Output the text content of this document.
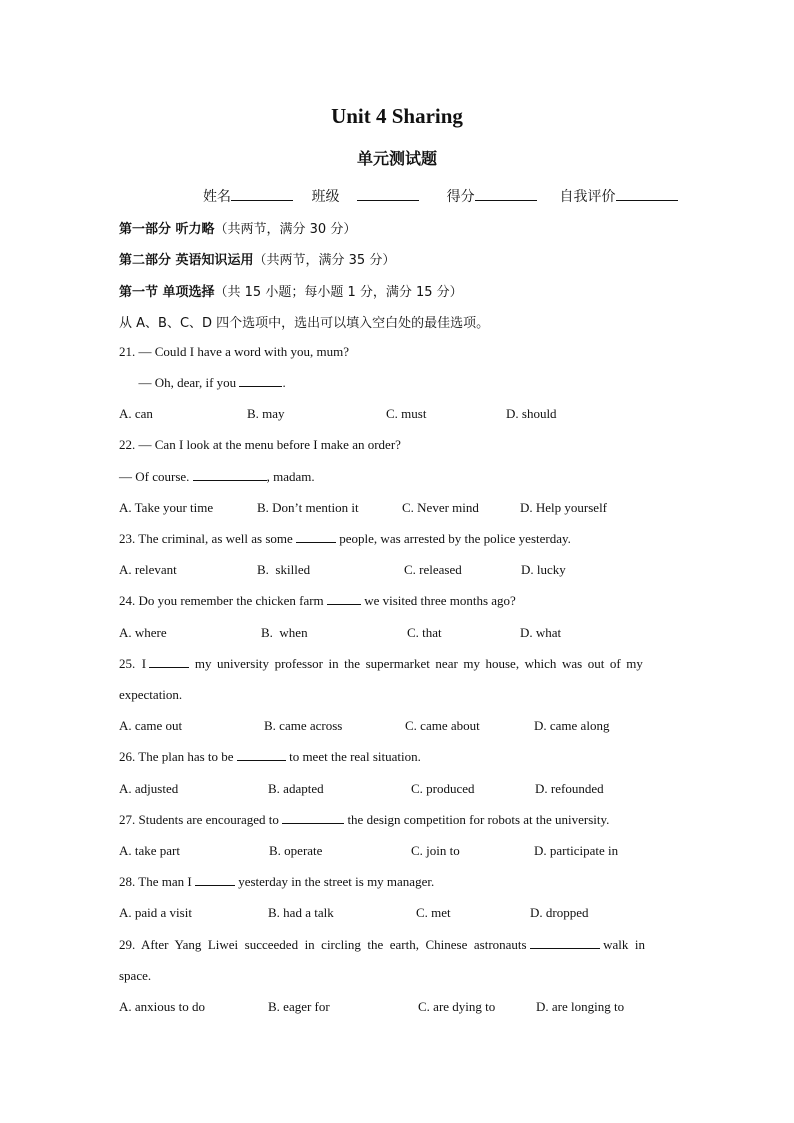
Unit 4 Sharing
单元测试题
姓名	班级	得分	自我评价
第一部分 听力略（共两节，满分 30 分）
第二部分 英语知识运用（共两节，满分 35 分）
第一节 单项选择（共 15 小题；每小题 1 分，满分 15 分）
从 A、B、C、D 四个选项中，选出可以填入空白处的最佳选项。
21. — Could I have a word with you, mum?
— Oh, dear, if you	.
A. can	B. may	C. must	D. should
22. — Can I look at the menu before I make an order?
— Of course.	, madam.
A. Take your time	B. Don’t mention it	C. Never mind	D. Help yourself
23. The criminal, as well as some	people, was arrested by the police yesterday.
A. relevant	B.  skilled	C. released	D. lucky
24. Do you remember the chicken farm	we visited three months ago?
A. where	B.  when	C. that	D. what
25.  I	my university professor in the supermarket near my house, which was out of my
expectation.
A. came out	B. came across	C. came about	D. came along
26. The plan has to be	to meet the real situation.
A. adjusted	B. adapted	C. produced	D. refounded
27. Students are encouraged to	the design competition for robots at the university.
A. take part	B. operate	C. join to	D. participate in
28. The man I	yesterday in the street is my manager.
A. paid a visit	B. had a talk	C. met	D. dropped
29.  After  Yang  Liwei  succeeded  in  circling  the  earth,  Chinese  astronauts	walk  in
space.
A. anxious to do	B. eager for	C. are dying to	D. are longing to
